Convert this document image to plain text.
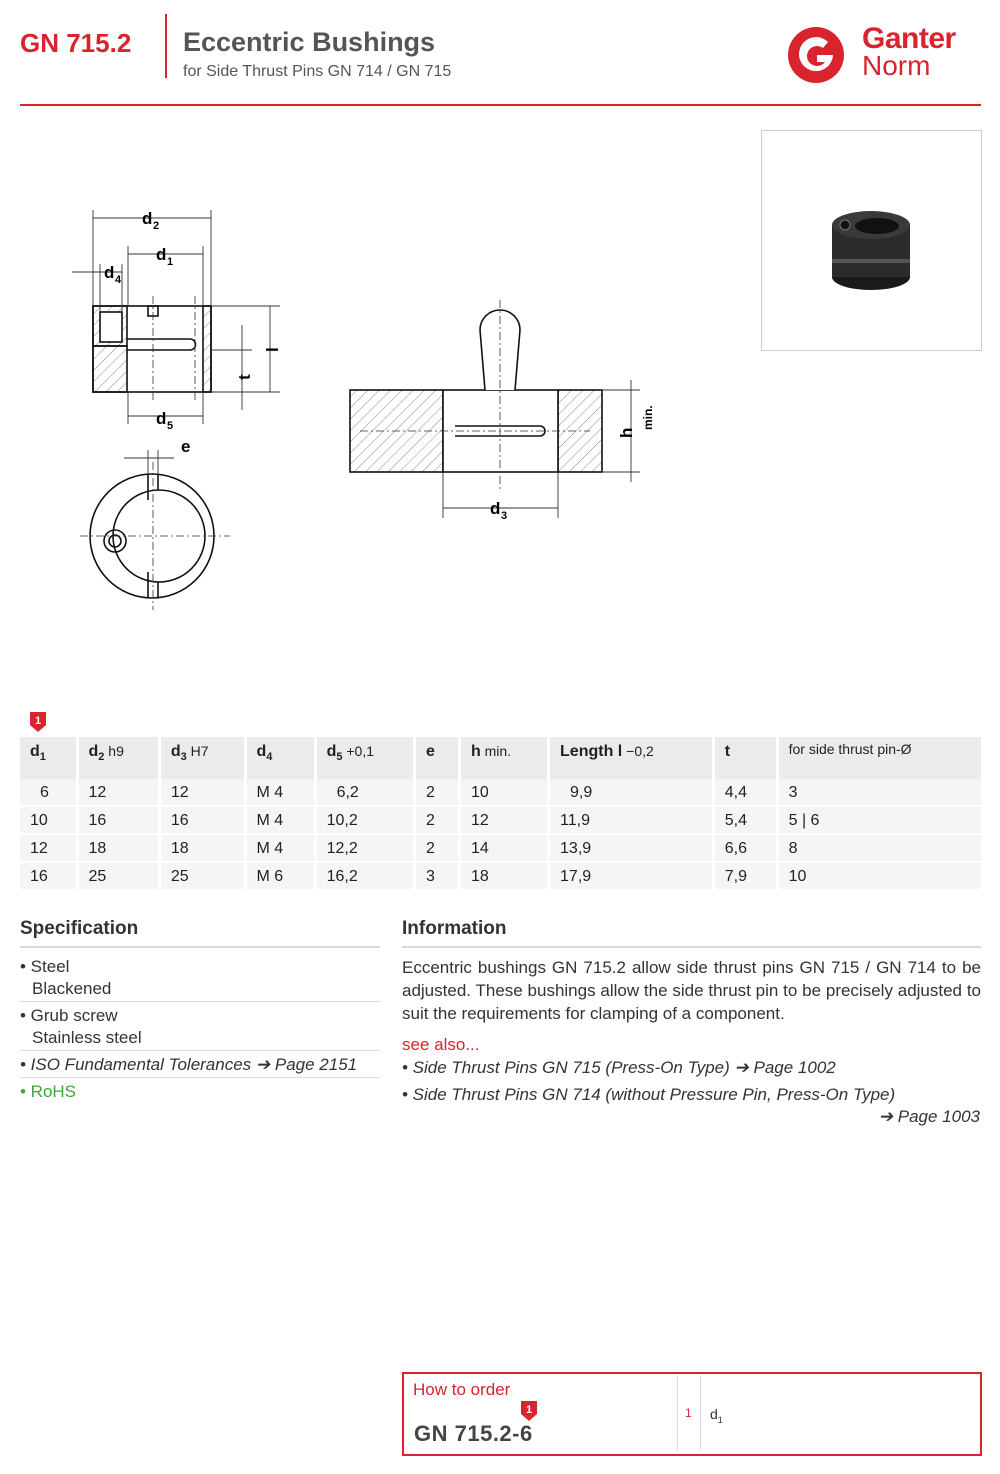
GN 715.2 Eccentric Bushings
for Side Thrust Pins GN 714 / GN 715
Ganter
Norm
d 2
d 1
d 4
d 5
l
t
e
d 3
h
min.
1
$d_1$	$d_2$ h9	$d_3$ H7	$d_4$	$d_5 +0,1$	e	h min.	Length l −0,2	t	for side thrust pin-Ø
6	12	12	M 4	6,2	2	10	9,9	4,4	3
10	16	16	M 4	10,2	2	12	11,9	5,4	5 | 6
12	18	18	M 4	12,2	2	14	13,9	6,6	8
16	25	25	M 6	16,2	3	18	17,9	7,9	10
Specification
• Steel
Blackened
• Grub screw
Stainless steel
• ISO Fundamental Tolerances ➔ Page 2151
• RoHS
Information
Eccentric bushings GN 715.2 allow side thrust pins GN 715 / GN 714 to be adjusted. These bushings allow the side thrust pin to be precisely adjusted to suit the requirements for clamping of a component.
see also...
• Side Thrust Pins GN 715 (Press-On Type) ➔ Page 1002
• Side Thrust Pins GN 714 (without Pressure Pin, Press-On Type)
➔ Page 1003
How to order
1
GN 715.2-6
1 $d_1$
